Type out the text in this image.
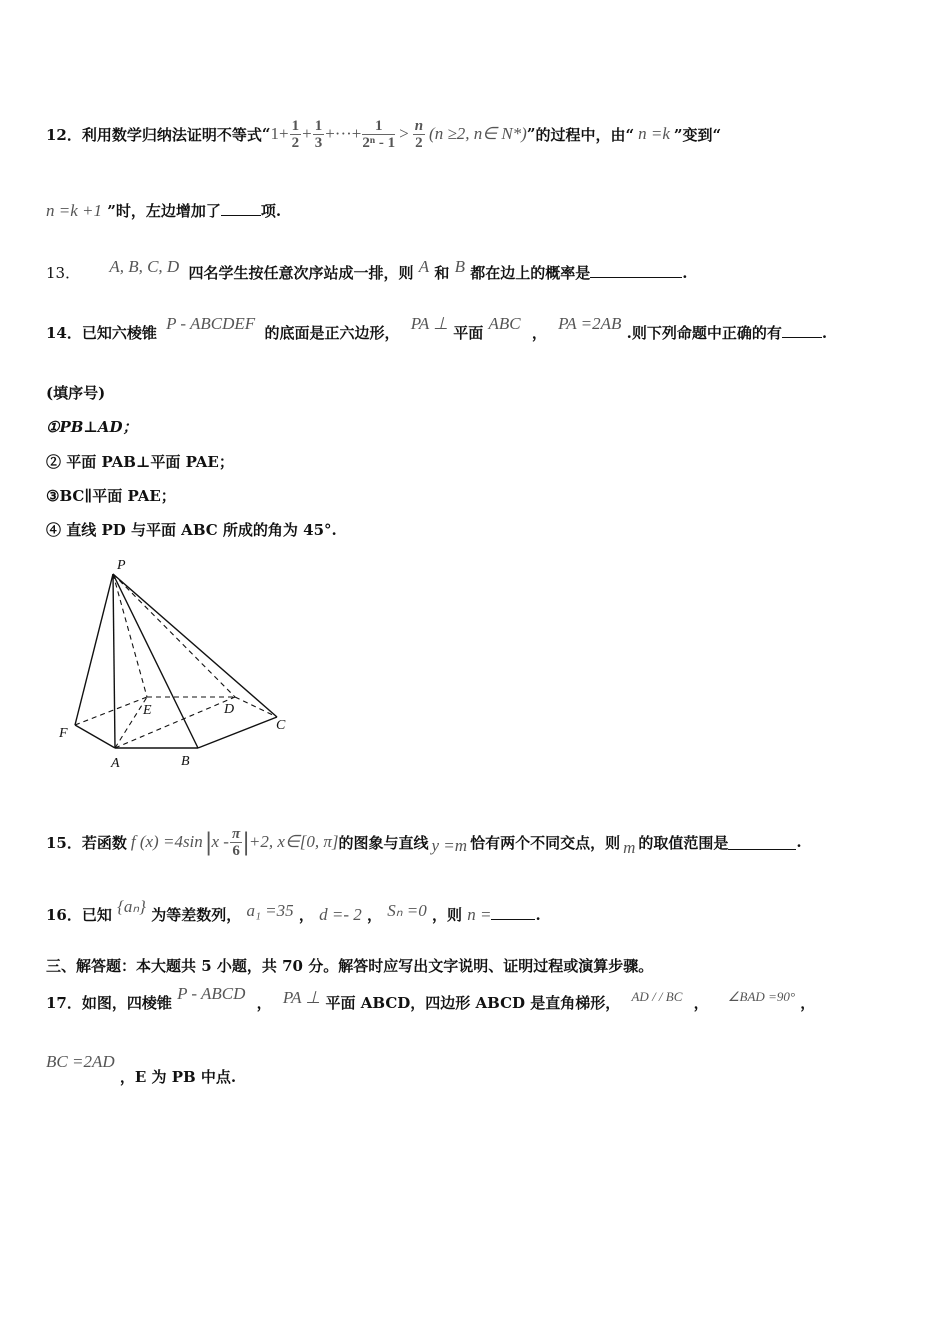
12．利用数学归纳法证明不等式 “ $1+ \frac{1}{2} + \frac{1}{3}$ +···+ $\frac{1}{\text{2ⁿ - 1}} > \frac{n}{2} (n \ge 2$, n∈ N*) ” 的过程中，由“ n =k ”变到“
n =k +1 ”时，左边增加了	项.
13． A, B, C, D 四名学生按任意次序站成一排，则 A 和 B 都在边上的概率是	.
14．已知六棱锥 P - ABCDEF 的底面是正六边形， PA ⊥ 平面 ABC ， PA =2AB .则下列命题中正确的有	.
(填序号)
①PB⊥AD；
② 平面 PAB⊥平面 PAE；
③BC∥平面 PAE；
④ 直线 PD 与平面 ABC 所成的角为 45°.
P
E	D
F
C
A	B
15．若函数 f (x) =4sin | x - $\frac{\pi}{6}$ | +2, x∈[0, π] 的图象与直线 y =m 恰有两个不同交点，则 m 的取值范围是	.
16．已知 {aₙ} 为等差数列， a₁ =35 ， d =- 2 ， Sₙ =0 ，则 n =	.
三、解答题：本大题共 5 小题，共 70 分。解答时应写出文字说明、证明过程或演算步骤。
17．如图，四棱锥 P - ABCD ， PA ⊥ 平面 ABCD，四边形 ABCD 是直角梯形， AD / / BC ， ∠BAD =90° ，
BC =2AD ，E 为 PB 中点.
